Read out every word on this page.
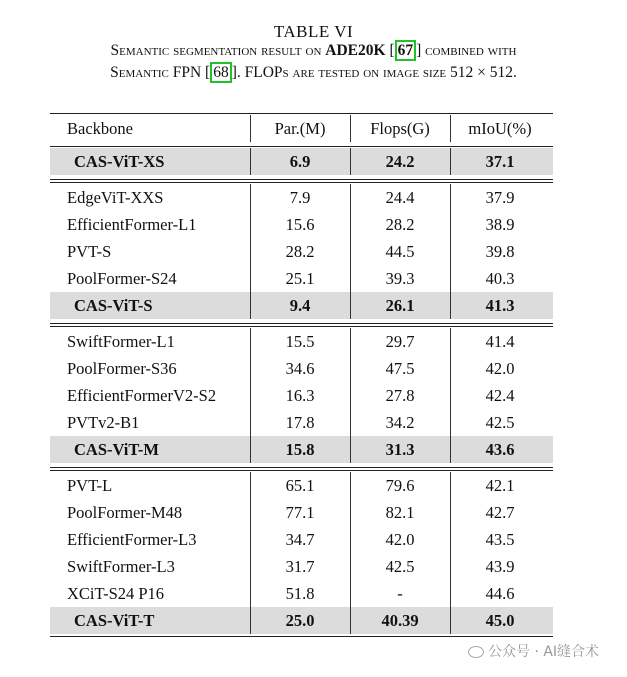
TABLE VI
Semantic segmentation result on ADE20K [ 67 ] combined with
Semantic FPN [ 68 ]. FLOPs are tested on image size 512 × 512.
Backbone	Par.(M)	Flops(G)	mIoU(%)
CAS-ViT-XS	6.9	24.2	37.1
EdgeViT-XXS	7.9	24.4	37.9
EfficientFormer-L1	15.6	28.2	38.9
PVT-S	28.2	44.5	39.8
PoolFormer-S24	25.1	39.3	40.3
CAS-ViT-S	9.4	26.1	41.3
SwiftFormer-L1	15.5	29.7	41.4
PoolFormer-S36	34.6	47.5	42.0
EfficientFormerV2-S2	16.3	27.8	42.4
PVTv2-B1	17.8	34.2	42.5
CAS-ViT-M	15.8	31.3	43.6
PVT-L	65.1	79.6	42.1
PoolFormer-M48	77.1	82.1	42.7
EfficientFormer-L3	34.7	42.0	43.5
SwiftFormer-L3	31.7	42.5	43.9
XCiT-S24 P16	51.8	-	44.6
CAS-ViT-T	25.0	40.39	45.0
公众号 · AI缝合术
